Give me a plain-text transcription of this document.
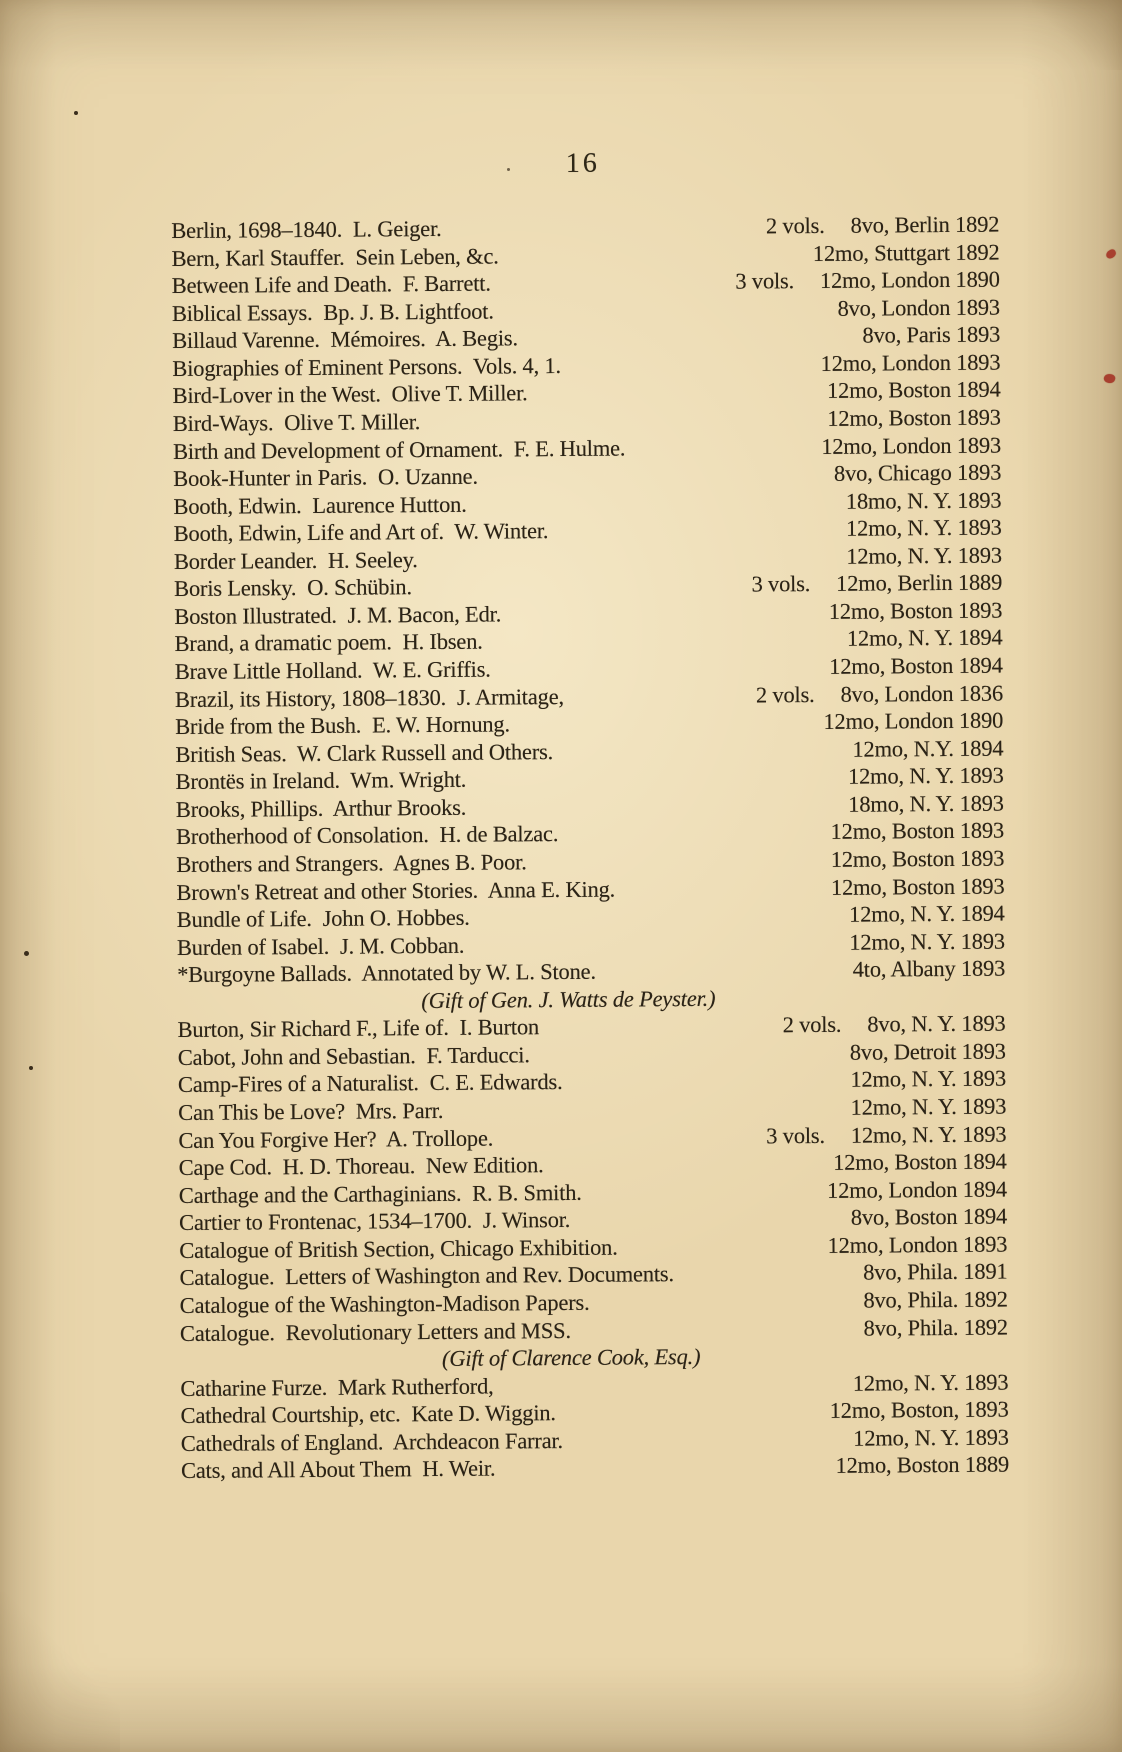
16
Berlin, 1698–1840.  L. Geiger.	2 vols. 8vo, Berlin 1892
Bern, Karl Stauffer.  Sein Leben, &c.	12mo, Stuttgart 1892
Between Life and Death.  F. Barrett.	3 vols. 12mo, London 1890
Biblical Essays.  Bp. J. B. Lightfoot.	8vo, London 1893
Billaud Varenne.  Mémoires.  A. Begis.	8vo, Paris 1893
Biographies of Eminent Persons.  Vols. 4, 1.	12mo, London 1893
Bird-Lover in the West.  Olive T. Miller.	12mo, Boston 1894
Bird-Ways.  Olive T. Miller.	12mo, Boston 1893
Birth and Development of Ornament.  F. E. Hulme.	12mo, London 1893
Book-Hunter in Paris.  O. Uzanne.	8vo, Chicago 1893
Booth, Edwin.  Laurence Hutton.	18mo, N. Y. 1893
Booth, Edwin, Life and Art of.  W. Winter.	12mo, N. Y. 1893
Border Leander.  H. Seeley.	12mo, N. Y. 1893
Boris Lensky.  O. Schübin.	3 vols. 12mo, Berlin 1889
Boston Illustrated.  J. M. Bacon, Edr.	12mo, Boston 1893
Brand, a dramatic poem.  H. Ibsen.	12mo, N. Y. 1894
Brave Little Holland.  W. E. Griffis.	12mo, Boston 1894
Brazil, its History, 1808–1830.  J. Armitage,	2 vols. 8vo, London 1836
Bride from the Bush.  E. W. Hornung.	12mo, London 1890
British Seas.  W. Clark Russell and Others.	12mo, N.Y. 1894
Brontës in Ireland.  Wm. Wright.	12mo, N. Y. 1893
Brooks, Phillips.  Arthur Brooks.	18mo, N. Y. 1893
Brotherhood of Consolation.  H. de Balzac.	12mo, Boston 1893
Brothers and Strangers.  Agnes B. Poor.	12mo, Boston 1893
Brown's Retreat and other Stories.  Anna E. King.	12mo, Boston 1893
Bundle of Life.  John O. Hobbes.	12mo, N. Y. 1894
Burden of Isabel.  J. M. Cobban.	12mo, N. Y. 1893
*Burgoyne Ballads.  Annotated by W. L. Stone.	4to, Albany 1893
(Gift of Gen. J. Watts de Peyster.)
Burton, Sir Richard F., Life of.  I. Burton	2 vols. 8vo, N. Y. 1893
Cabot, John and Sebastian.  F. Tarducci.	8vo, Detroit 1893
Camp-Fires of a Naturalist.  C. E. Edwards.	12mo, N. Y. 1893
Can This be Love?  Mrs. Parr.	12mo, N. Y. 1893
Can You Forgive Her?  A. Trollope.	3 vols. 12mo, N. Y. 1893
Cape Cod.  H. D. Thoreau.  New Edition.	12mo, Boston 1894
Carthage and the Carthaginians.  R. B. Smith.	12mo, London 1894
Cartier to Frontenac, 1534–1700.  J. Winsor.	8vo, Boston 1894
Catalogue of British Section, Chicago Exhibition.	12mo, London 1893
Catalogue.  Letters of Washington and Rev. Documents.	8vo, Phila. 1891
Catalogue of the Washington-Madison Papers.	8vo, Phila. 1892
Catalogue.  Revolutionary Letters and MSS.	8vo, Phila. 1892
(Gift of Clarence Cook, Esq.)
Catharine Furze.  Mark Rutherford,	12mo, N. Y. 1893
Cathedral Courtship, etc.  Kate D. Wiggin.	12mo, Boston, 1893
Cathedrals of England.  Archdeacon Farrar.	12mo, N. Y. 1893
Cats, and All About Them  H. Weir.	12mo, Boston 1889
